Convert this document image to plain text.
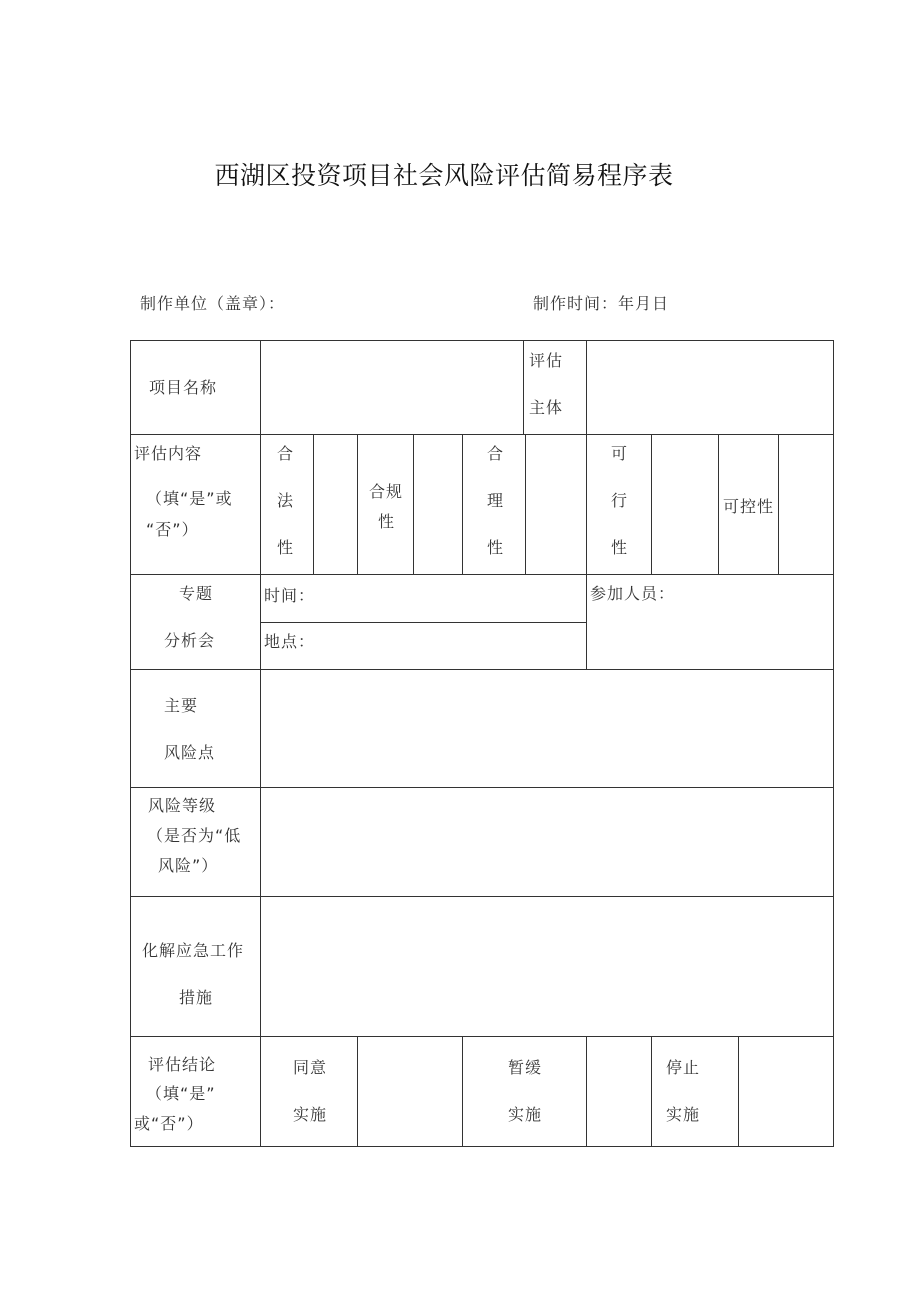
西湖区投资项目社会风险评估简易程序表
制作单位（盖章）：	制作时间：年月日
项目名称
评估
主体
评估内容
（填“是”或
“否”）
合
法
性
合规
性
合
理
性
可
行
性
可控性
专题
分析会
时间：
地点：
参加人员：
主要
风险点
风险等级
（是否为“低
风险”）
化解应急工作
措施
评估结论
（填“是”
或“否”）
同意
实施
暂缓
实施
停止
实施
